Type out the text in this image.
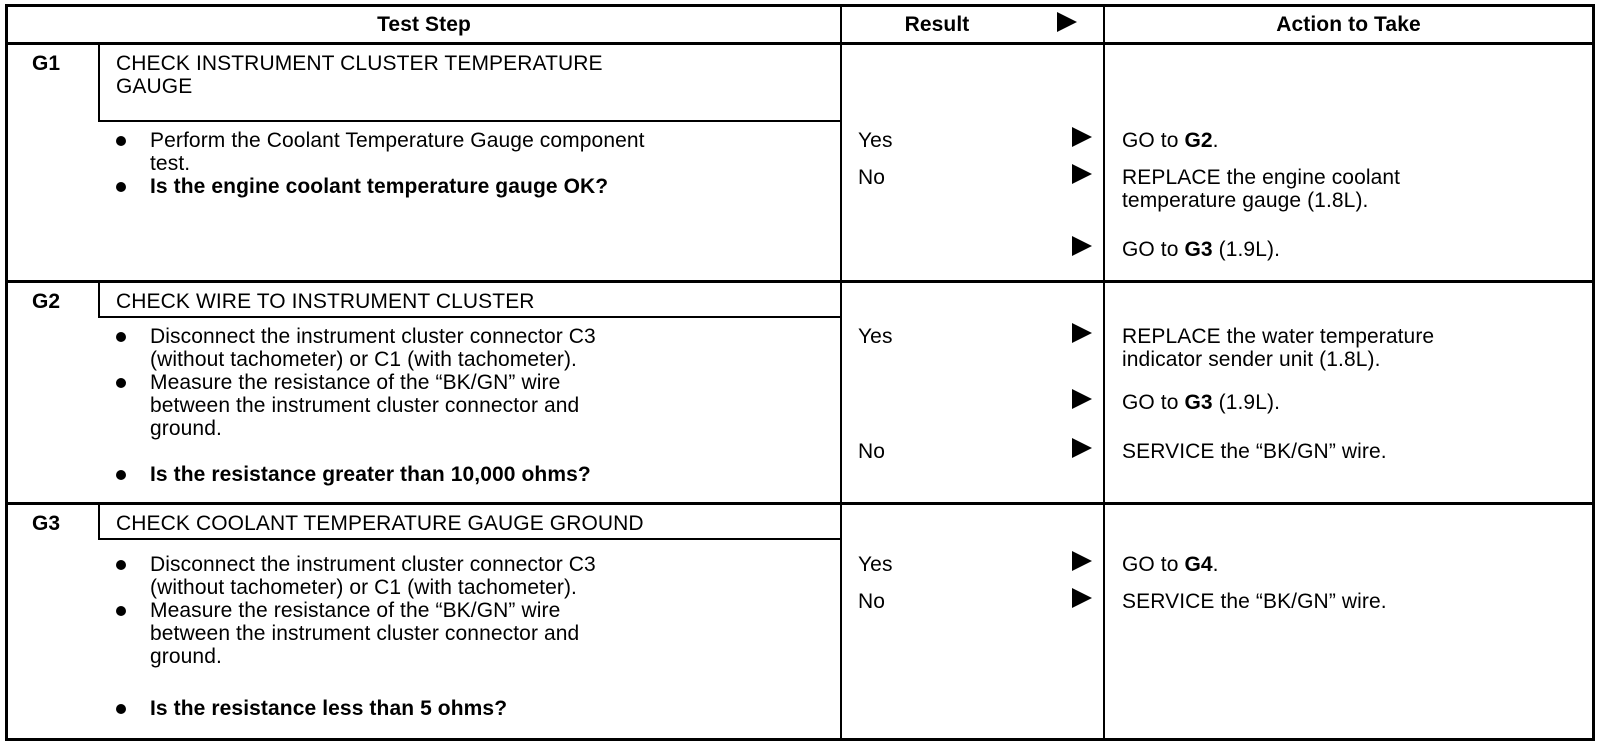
Test Step	Result	Action to Take
G1	CHECK INSTRUMENT CLUSTER TEMPERATURE
GAUGE
Perform the Coolant Temperature Gauge component
test.
Is the engine coolant temperature gauge OK?
Yes	GO to G2.
No	REPLACE the engine coolant
temperature gauge (1.8L).
GO to G3 (1.9L).
G2	CHECK WIRE TO INSTRUMENT CLUSTER
Disconnect the instrument cluster connector C3
(without tachometer) or C1 (with tachometer).
Measure the resistance of the “BK/GN” wire
between the instrument cluster connector and
ground.
Is the resistance greater than 10,000 ohms?
Yes	REPLACE the water temperature
indicator sender unit (1.8L).
GO to G3 (1.9L).
No	SERVICE the “BK/GN” wire.
G3	CHECK COOLANT TEMPERATURE GAUGE GROUND
Disconnect the instrument cluster connector C3
(without tachometer) or C1 (with tachometer).
Measure the resistance of the “BK/GN” wire
between the instrument cluster connector and
ground.
Is the resistance less than 5 ohms?
Yes	GO to G4.
No	SERVICE the “BK/GN” wire.
